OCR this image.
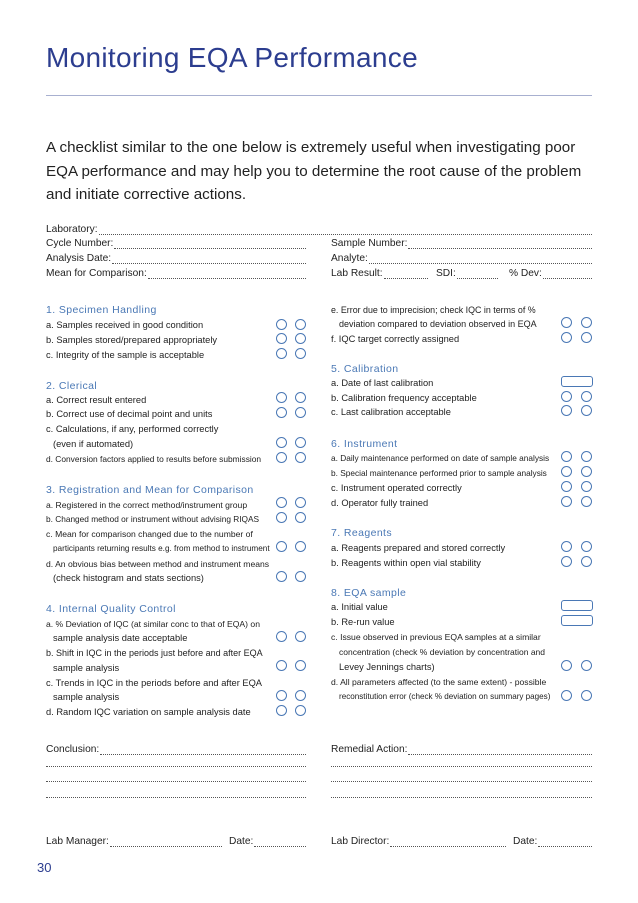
Monitoring EQA Performance
A checklist similar to the one below is extremely useful when investigating poor EQA performance and may help you to determine the root cause of the problem and initiate corrective actions.
Laboratory:
Cycle Number:	Sample Number:
Analysis Date:	Analyte:
Mean for Comparison:	Lab Result:	SDI:	% Dev:
1. Specimen Handling
a. Samples received in good condition
b. Samples stored/prepared appropriately
c. Integrity of the sample is acceptable
2. Clerical
a. Correct result entered
b. Correct use of decimal point and units
c. Calculations, if any, performed correctly
(even if automated)
d. Conversion factors applied to results before submission
3. Registration and Mean for Comparison
a. Registered in the correct method/instrument group
b. Changed method or instrument without advising RIQAS
c. Mean for comparison changed due to the number of
participants returning results e.g. from method to instrument
d. An obvious bias between method and instrument means
(check histogram and stats sections)
4. Internal Quality Control
a. % Deviation of IQC (at similar conc to that of EQA) on
sample analysis date acceptable
b. Shift in IQC in the periods just before and after EQA
sample analysis
c. Trends in IQC in the periods before and after EQA
sample analysis
d. Random IQC variation on sample analysis date
e. Error due to imprecision; check IQC in terms of %
deviation compared to deviation observed in EQA
f. IQC target correctly assigned
5. Calibration
a. Date of last calibration
b. Calibration frequency acceptable
c. Last calibration acceptable
6. Instrument
a. Daily maintenance performed on date of sample analysis
b. Special maintenance performed prior to sample analysis
c. Instrument operated correctly
d. Operator fully trained
7. Reagents
a. Reagents prepared and stored correctly
b. Reagents within open vial stability
8. EQA sample
a. Initial value
b. Re-run value
c. Issue observed in previous EQA samples at a similar
concentration (check % deviation by concentration and
Levey Jennings charts)
d. All parameters affected (to the same extent) - possible
reconstitution error (check % deviation on summary pages)
Conclusion:	Remedial Action:
Lab Manager:	Date:	Lab Director:	Date:
30
